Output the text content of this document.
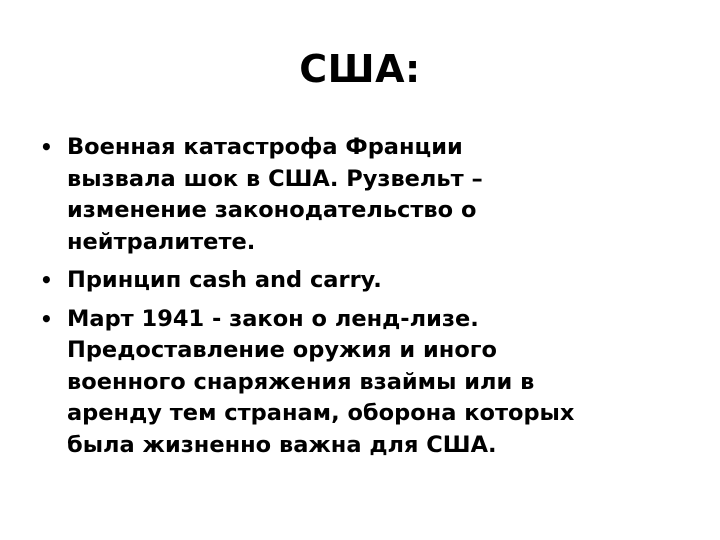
США:
• Военная катастрофа Франции
вызвала шок в США. Рузвельт –
изменение законодательство о
нейтралитете.
• Принцип cash and carry.
• Март 1941 - закон о ленд-лизе.
Предоставление оружия и иного
военного снаряжения взаймы или в
аренду тем странам, оборона которых
была жизненно важна для США.
